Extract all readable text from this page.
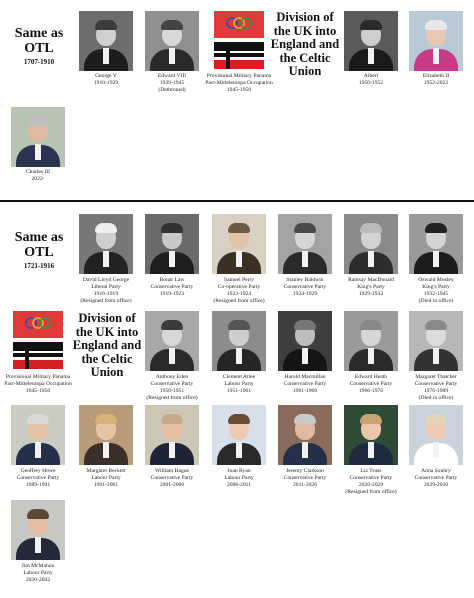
Same as OTL
1707-1910
Division of
the UK into
England and
the Celtic
Union
George V
1910-1929
Edward VIII
1929-1945
(Dethroned)
Provisional Military Panama Pact-Mitteleuropa Occupation
1945-1950
Albert
1950-1952
Elizabeth II
1952-2022
Charles III
2022-
Same as OTL
1721-1916
Division of
the UK into
England and
the Celtic
Union
David Lloyd George
Liberal Party
1916-1919
(Resigned from office)
Bonar Law
Conservative Party
1919-1923
Samuel Perry
Co-operative Party
1923-1924
(Resigned from office)
Stanley Baldwin
Conservative Party
1924-1929
Ramsay MacDonald
King's Party
1929-1932
Oswald Mosley
King's Party
1932-1945
(Died in office)
Provisional Military Panama Pact-Mitteleuropa Occupation
1945-1950
Anthony Eden
Conservative Party
1950-1951
(Resigned from office)
Clement Atlee
Labour Party
1951-1961
Harold Macmillan
Conservative Party
1961-1966
Edward Heath
Conservative Party
1966-1976
Margaret Thatcher
Conservative Party
1976-1989
(Died in office)
Geoffrey Howe
Conservative Party
1989-1991
Margaret Beckett
Labour Party
1991-2001
William Hague
Conservative Party
2001-2006
Joan Ryan
Labour Party
2006-2011
Jeremy Clarkson
Conservative Party
2011-2026
Liz Truss
Conservative Party
2026-2029
(Resigned from office)
Anna Soubry
Conservative Party
2029-2030
Jim McMahon
Labour Party
2030-2042
